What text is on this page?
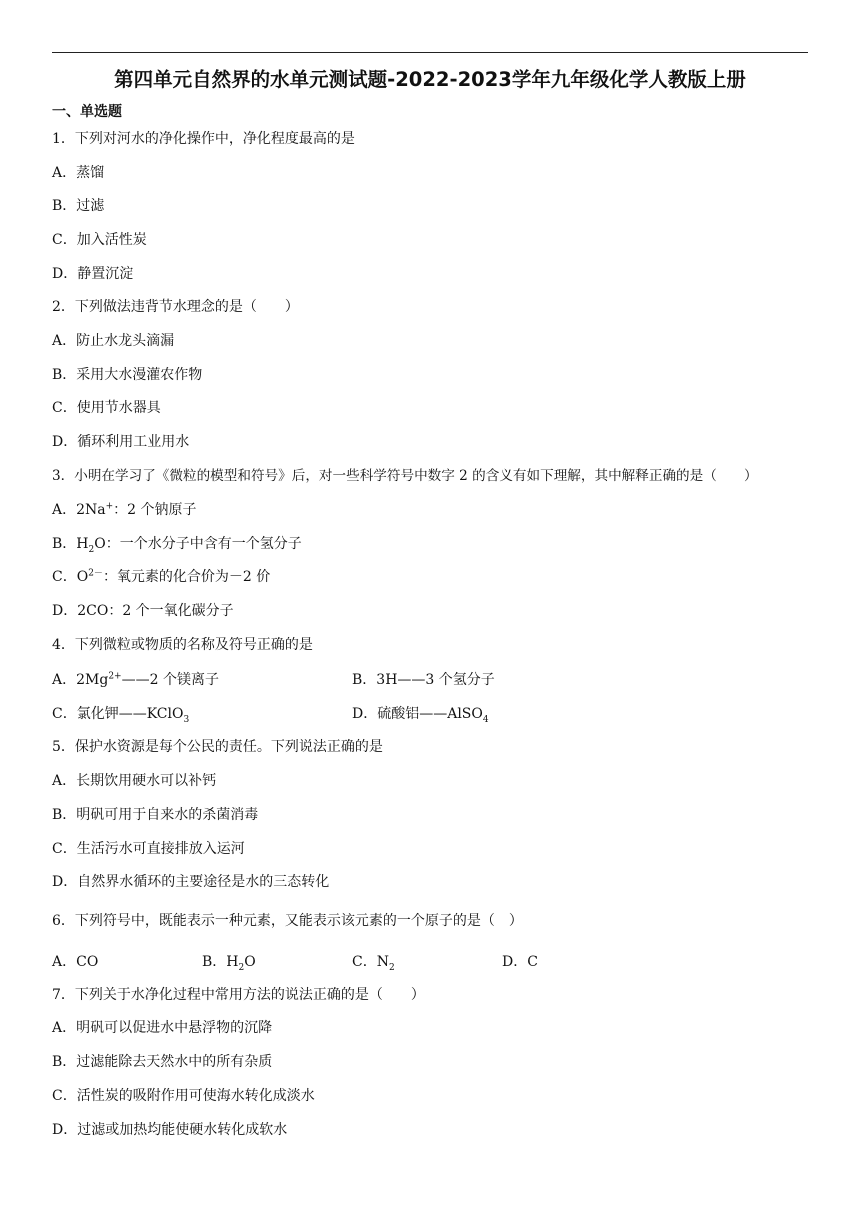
第四单元自然界的水单元测试题-2022-2023学年九年级化学人教版上册
一、单选题
1．下列对河水的净化操作中，净化程度最高的是
A．蒸馏
B．过滤
C．加入活性炭
D．静置沉淀
2．下列做法违背节水理念的是（　　）
A．防止水龙头滴漏
B．采用大水漫灌农作物
C．使用节水器具
D．循环利用工业用水
3．小明在学习了《微粒的模型和符号》后，对一些科学符号中数字 2 的含义有如下理解，其中解释正确的是（　　）
A．2Na+：2 个钠原子
B．$H_2O$：一个水分子中含有一个氢分子
C．$O^{2-}$：氧元素的化合价为－2 价
D．2CO：2 个一氧化碳分子
4．下列微粒或物质的名称及符号正确的是
A．$2Mg^{2+}——2$ 个镁离子	B．3H——3 个氢分子
C．氯化钾——KClO$_3$	D．硫酸铝——AlSO$_4$
5．保护水资源是每个公民的责任。下列说法正确的是
A．长期饮用硬水可以补钙
B．明矾可用于自来水的杀菌消毒
C．生活污水可直接排放入运河
D．自然界水循环的主要途径是水的三态转化
6．下列符号中，既能表示一种元素，又能表示该元素的一个原子的是（　）
A．CO	B．$H_2O$	C．$N_2$	D．C
7．下列关于水净化过程中常用方法的说法正确的是（　　）
A．明矾可以促进水中悬浮物的沉降
B．过滤能除去天然水中的所有杂质
C．活性炭的吸附作用可使海水转化成淡水
D．过滤或加热均能使硬水转化成软水
